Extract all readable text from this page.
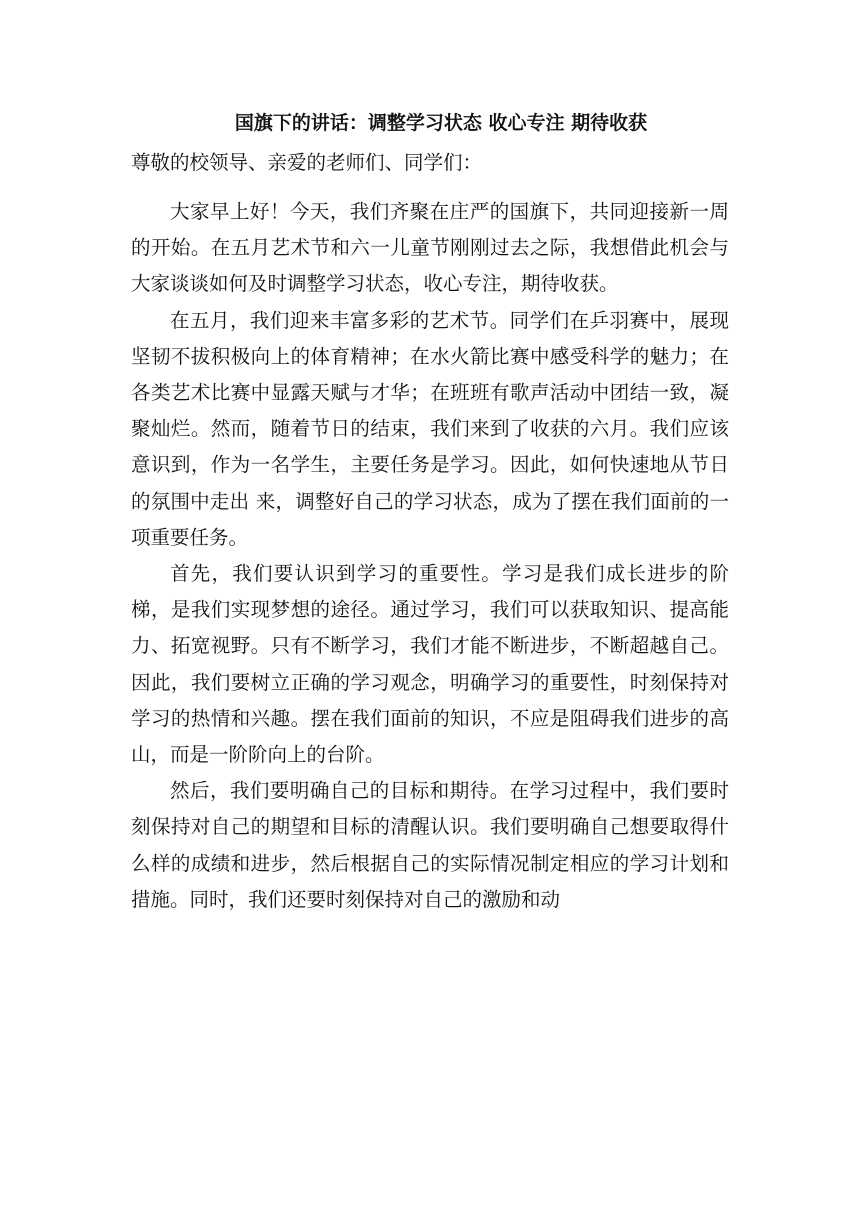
国旗下的讲话：调整学习状态 收心专注 期待收获

尊敬的校领导、亲爱的老师们、同学们：

大家早上好！今天，我们齐聚在庄严的国旗下，共同迎接新一周的开始。在五月艺术节和六一儿童节刚刚过去之际，我想借此机会与大家谈谈如何及时调整学习状态，收心专注，期待收获。

在五月，我们迎来丰富多彩的艺术节。同学们在乒羽赛中，展现坚韧不拔积极向上的体育精神；在水火箭比赛中感受科学的魅力；在各类艺术比赛中显露天赋与才华；在班班有歌声活动中团结一致，凝聚灿烂。然而，随着节日的结束，我们来到了收获的六月。我们应该意识到，作为一名学生，主要任务是学习。因此，如何快速地从节日的氛围中走出 来，调整好自己的学习状态，成为了摆在我们面前的一项重要任务。

首先，我们要认识到学习的重要性。学习是我们成长进步的阶梯，是我们实现梦想的途径。通过学习，我们可以获取知识、提高能力、拓宽视野。只有不断学习，我们才能不断进步，不断超越自己。因此，我们要树立正确的学习观念，明确学习的重要性，时刻保持对学习的热情和兴趣。摆在我们面前的知识，不应是阻碍我们进步的高山，而是一阶阶向上的台阶。

然后，我们要明确自己的目标和期待。在学习过程中，我们要时刻保持对自己的期望和目标的清醒认识。我们要明确自己想要取得什么样的成绩和进步，然后根据自己的实际情况制定相应的学习计划和措施。同时，我们还要时刻保持对自己的激励和动
